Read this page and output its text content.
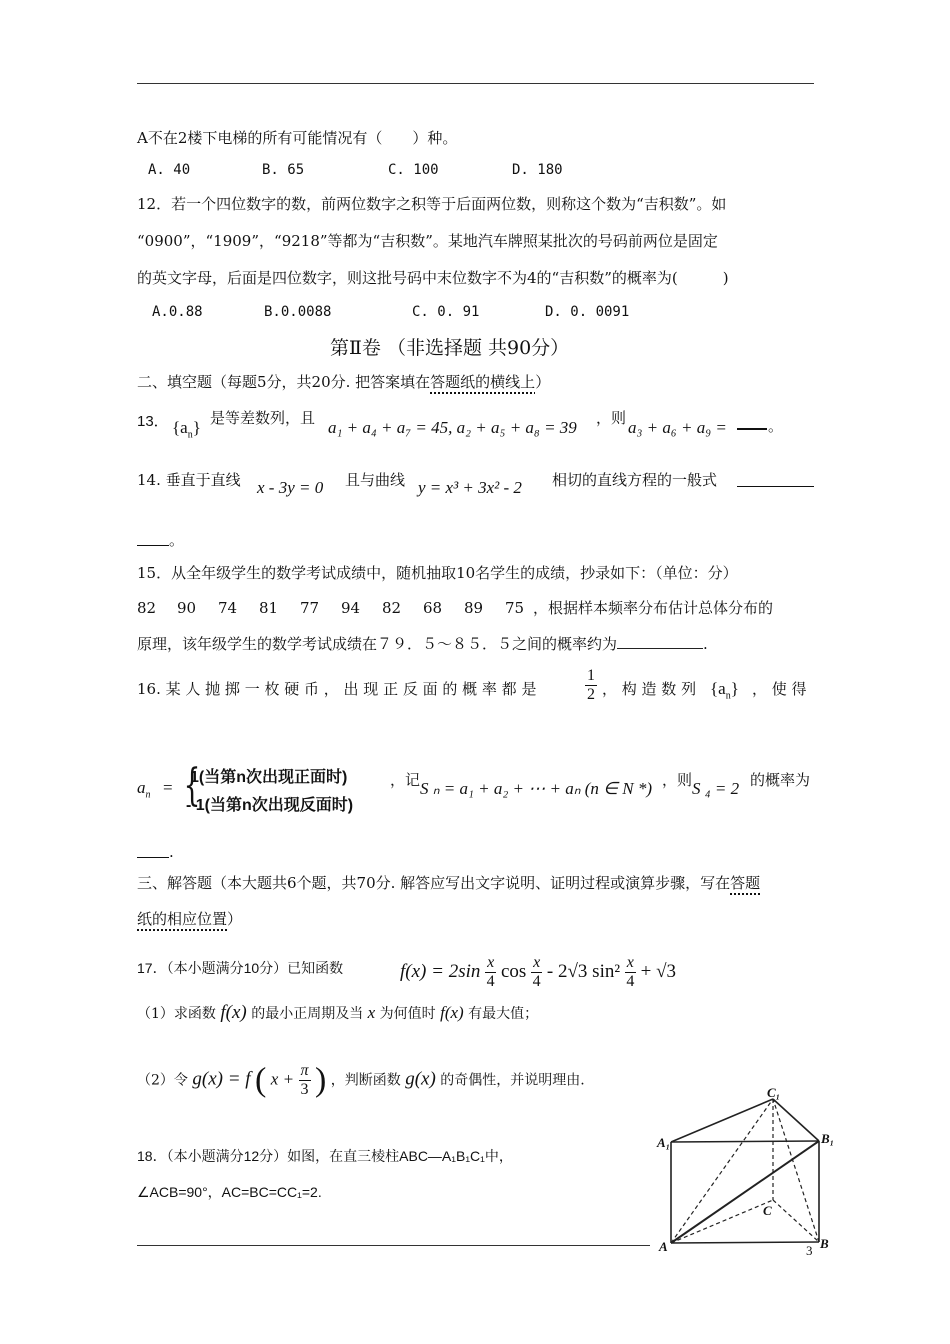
A不在2楼下电梯的所有可能情况有（　　）种。
A. 40	B. 65	C. 100	D. 180
12．若一个四位数字的数，前两位数字之积等于后面两位数，则称这个数为“吉积数”。如
“0900”，“1909”，“9218”等都为“吉积数”。某地汽车牌照某批次的号码前两位是固定
的英文字母，后面是四位数字，则这批号码中末位数字不为4的“吉积数”的概率为(　　　)
A.0.88	B.0.0088	C. 0. 91	D. 0. 0091
第Ⅱ卷 （非选择题 共90分）
二、填空题（每题5分，共20分. 把答案填在答题纸的横线上）
13． $\{a_n\}$ 是等差数列，且 a₁ + a₄ + a₇ = 45, a₂ + a₅ + a₈ = 39 ，则 a₃ + a₆ + a₉ =	。
14. 垂直于直线 x - 3y = 0 且与曲线 y = x³ + 3x² - 2 相切的直线方程的一般式
。
15．从全年级学生的数学考试成绩中，随机抽取10名学生的成绩，抄录如下：（单位：分）
82 90 74 81 77 94 82 68 89 75 ，根据样本频率分布估计总体分布的
原理，该年级学生的数学考试成绩在７９．５～８５．５之间的概率约为	.
16. 某 人 抛 掷 一 枚 硬 币 ， 出 现 正 反 面 的 概 率 都 是	$\frac{1}{2}$ ， 构 造 数 列 $\{a_n\}$ ， 使 得
$a_n$ = {
1(当第n次出现正面时)
- 1(当第n次出现反面时)
，记 S ₙ = a₁ + a₂ + ⋯ + aₙ (n ∈ N *) ，则 S ₄ = 2 的概率为
.
三、解答题（本大题共6个题，共70分. 解答应写出文字说明、证明过程或演算步骤，写在答题
纸的相应位置）
17．（本小题满分10分）已知函数	$f(x) = 2\sin \frac{x}{4}$ $\cos \frac{x}{4} - 2√3$ $\sin^2 \frac{x}{4} + √3$
（1）求函数 f(x) 的最小正周期及当 x 为何值时 f(x) 有最大值；
（2）令 g(x) = f ( $x + \frac{\pi}{3}$ ) ，判断函数 g(x) 的奇偶性，并说明理由.
18．（本小题满分12分）如图，在直三棱柱ABC—A₁B₁C₁中，
∠ACB=90°，AC=BC=CC₁=2.
C₁
A₁	B₁
C
A	B
3
